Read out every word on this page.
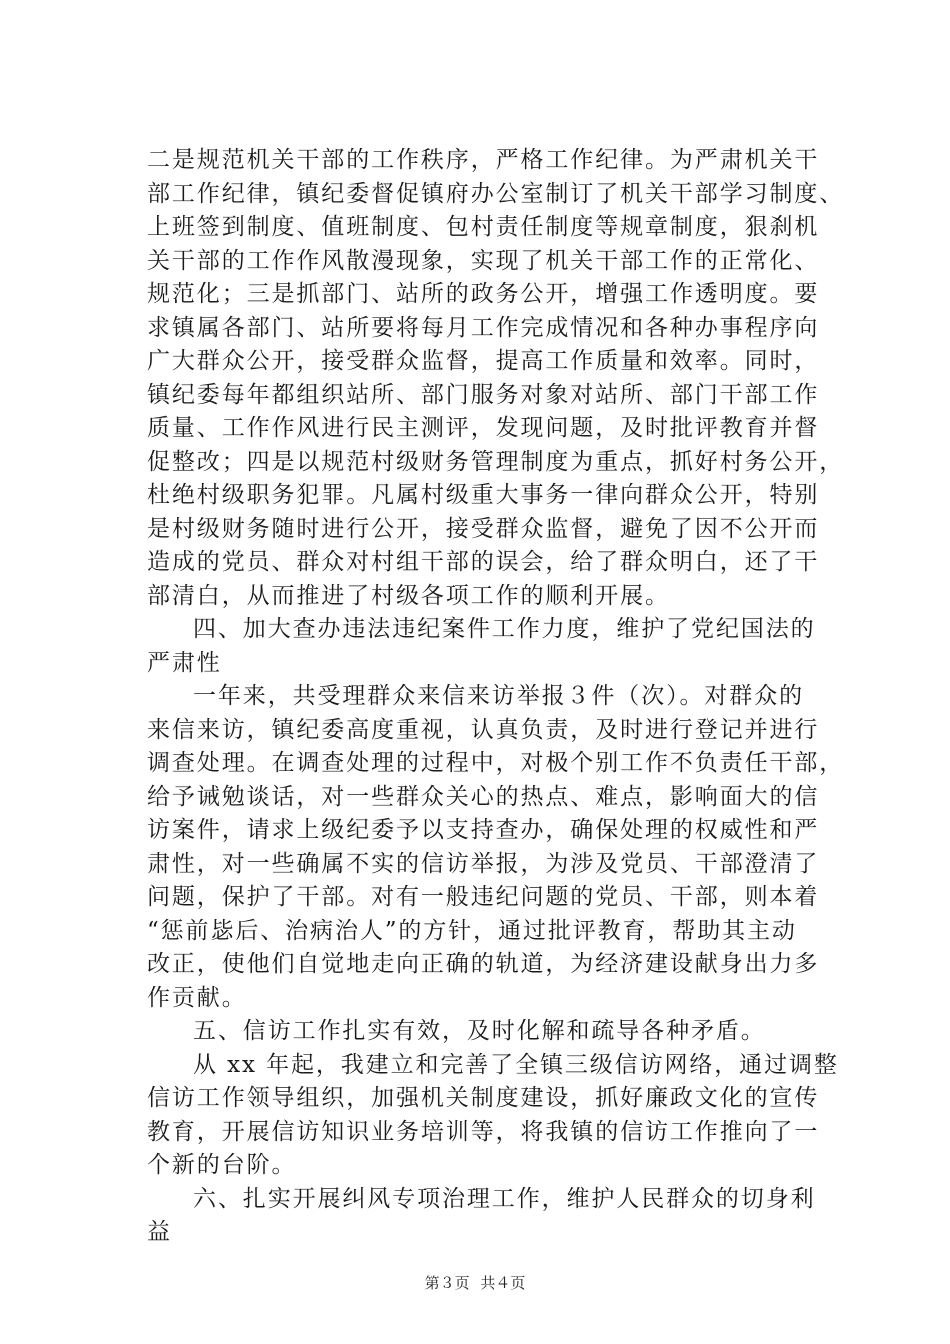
二是规范机关干部的工作秩序，严格工作纪律。为严肃机关干
部工作纪律，镇纪委督促镇府办公室制订了机关干部学习制度、
上班签到制度、值班制度、包村责任制度等规章制度，狠刹机
关干部的工作作风散漫现象，实现了机关干部工作的正常化、
规范化；三是抓部门、站所的政务公开，增强工作透明度。要
求镇属各部门、站所要将每月工作完成情况和各种办事程序向
广大群众公开，接受群众监督，提高工作质量和效率。同时，
镇纪委每年都组织站所、部门服务对象对站所、部门干部工作
质量、工作作风进行民主测评，发现问题，及时批评教育并督
促整改；四是以规范村级财务管理制度为重点，抓好村务公开，
杜绝村级职务犯罪。凡属村级重大事务一律向群众公开，特别
是村级财务随时进行公开，接受群众监督，避免了因不公开而
造成的党员、群众对村组干部的误会，给了群众明白，还了干
部清白，从而推进了村级各项工作的顺利开展。
四、加大查办违法违纪案件工作力度，维护了党纪国法的
严肃性
一年来，共受理群众来信来访举报３件（次）。对群众的
来信来访，镇纪委高度重视，认真负责，及时进行登记并进行
调查处理。在调查处理的过程中，对极个别工作不负责任干部，
给予诫勉谈话，对一些群众关心的热点、难点，影响面大的信
访案件，请求上级纪委予以支持查办，确保处理的权威性和严
肃性，对一些确属不实的信访举报，为涉及党员、干部澄清了
问题，保护了干部。对有一般违纪问题的党员、干部，则本着
“惩前毖后、治病治人”的方针，通过批评教育，帮助其主动
改正，使他们自觉地走向正确的轨道，为经济建设献身出力多
作贡献。
五、信访工作扎实有效，及时化解和疏导各种矛盾。
从 xx 年起，我建立和完善了全镇三级信访网络，通过调整
信访工作领导组织，加强机关制度建设，抓好廉政文化的宣传
教育，开展信访知识业务培训等，将我镇的信访工作推向了一
个新的台阶。
六、扎实开展纠风专项治理工作，维护人民群众的切身利
益
第３页 共４页
